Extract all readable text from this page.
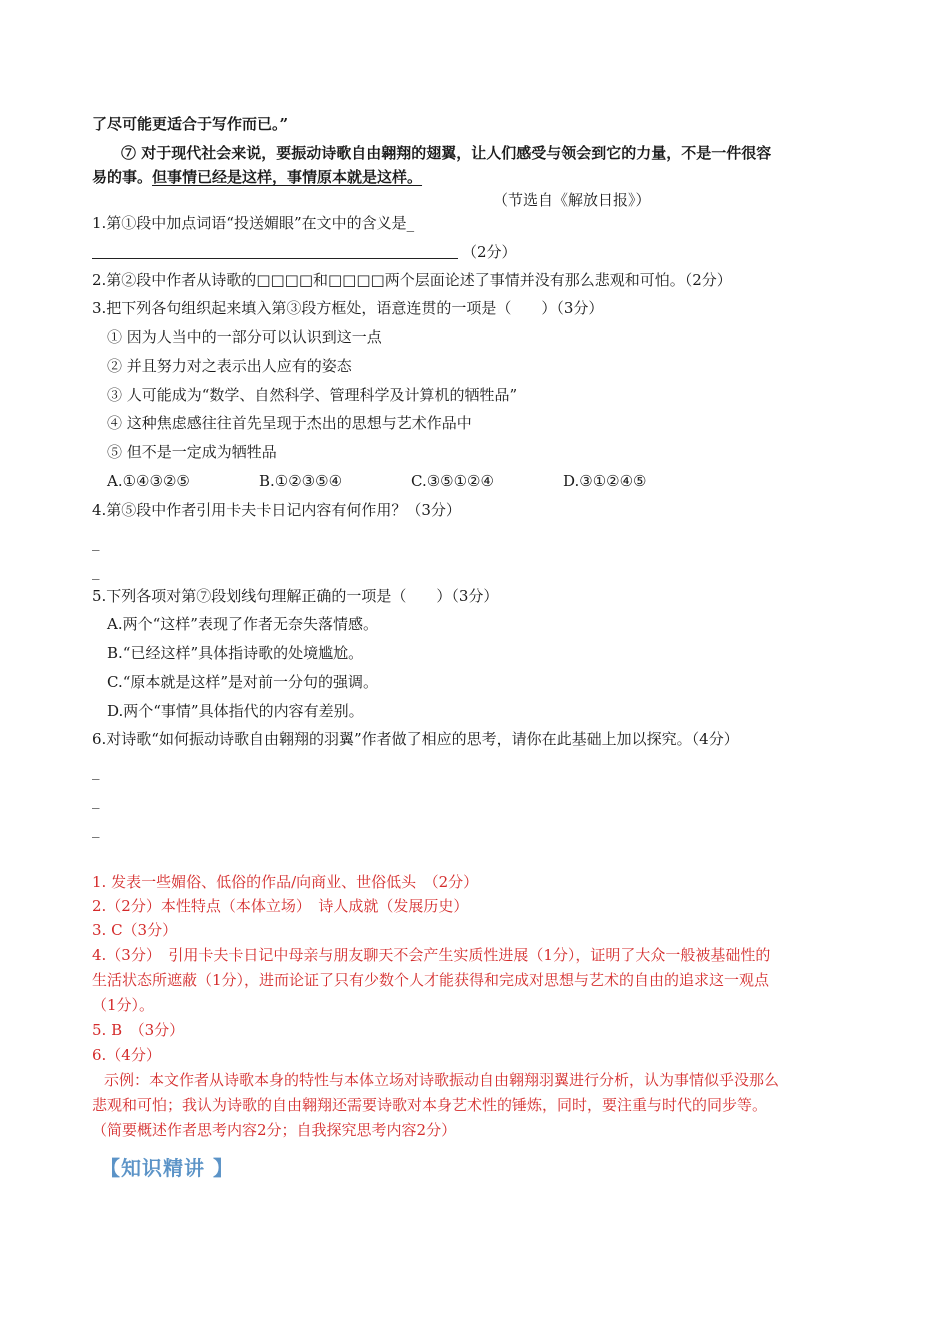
了尽可能更适合于写作而已。”
⑦ 对于现代社会来说，要振动诗歌自由翱翔的翅翼，让人们感受与领会到它的力量，不是一件很容
易的事。但事情已经是这样，事情原本就是这样。
（节选自《解放日报》）
1.第①段中加点词语“投送媚眼”在文中的含义是_
（2分）
2.第②段中作者从诗歌的□□□□和□□□□两个层面论述了事情并没有那么悲观和可怕。（2分）
3.把下列各句组织起来填入第③段方框处，语意连贯的一项是（　　）（3分）
① 因为人当中的一部分可以认识到这一点
② 并且努力对之表示出人应有的姿态
③ 人可能成为“数学、自然科学、管理科学及计算机的牺牲品”
④ 这种焦虑感往往首先呈现于杰出的思想与艺术作品中
⑤ 但不是一定成为牺牲品
A.①④③②⑤	B.①②③⑤④	C.③⑤①②④	D.③①②④⑤
4.第⑤段中作者引用卡夫卡日记内容有何作用？（3分）
_
_
5.下列各项对第⑦段划线句理解正确的一项是（　　）（3分）
A.两个“这样”表现了作者无奈失落情感。
B.“已经这样”具体指诗歌的处境尴尬。
C.“原本就是这样”是对前一分句的强调。
D.两个“事情”具体指代的内容有差别。
6.对诗歌“如何振动诗歌自由翱翔的羽翼”作者做了相应的思考，请你在此基础上加以探究。（4分）
_
_
_
1. 发表一些媚俗、低俗的作品/向商业、世俗低头　（2分）
2.（2分）本性特点（本体立场）　诗人成就（发展历史）
3. C（3分）
4.（3分）　引用卡夫卡日记中母亲与朋友聊天不会产生实质性进展（1分），证明了大众一般被基础性的
生活状态所遮蔽（1分），进而论证了只有少数个人才能获得和完成对思想与艺术的自由的追求这一观点
（1分）。
5. B　（3分）
6.（4分）
示例：本文作者从诗歌本身的特性与本体立场对诗歌振动自由翱翔羽翼进行分析，认为事情似乎没那么
悲观和可怕；我认为诗歌的自由翱翔还需要诗歌对本身艺术性的锤炼，同时，要注重与时代的同步等。
（简要概述作者思考内容2分；自我探究思考内容2分）
【知识精讲 】
